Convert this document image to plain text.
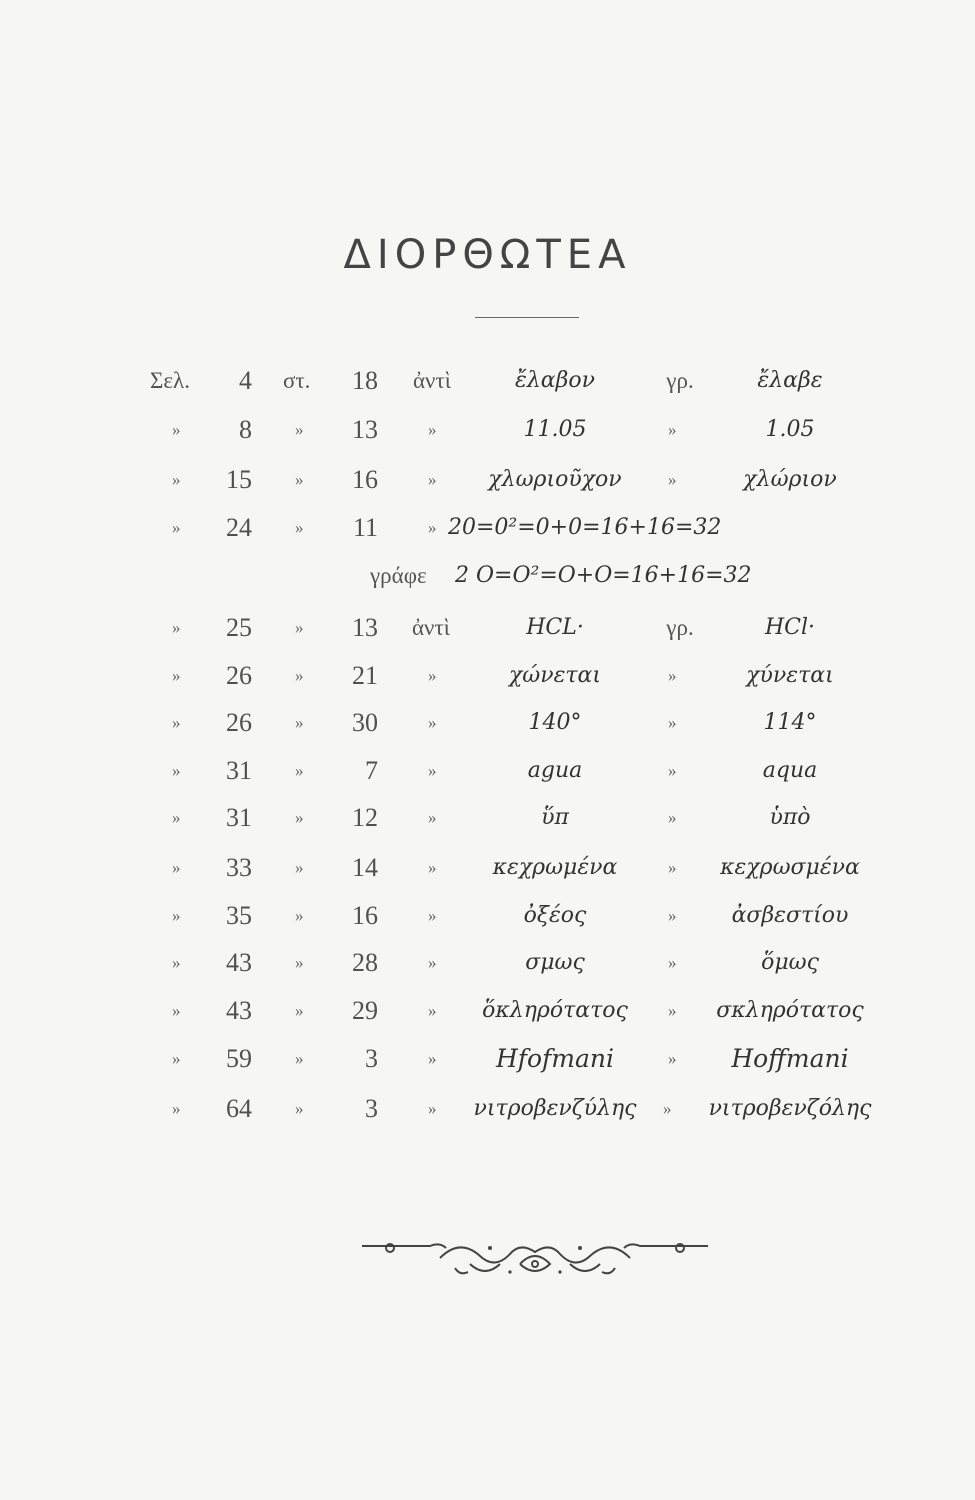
ΔΙΟΡΘΩΤΕΑ
Σελ.	4 στ.	18 ἀντὶ	ἔλαβον	γρ.	ἔλαβε
»	8	»	13	»	11.05	»	1.05
»	15	»	16	»	χλωριοῦχον	»	χλώριον
»	24	»	11	» 20=0²=0+0=16+16=32
γράφε 2 O=O²=O+O=16+16=32
»	25	»	13 ἀντὶ	HCL·	γρ.	HCl·
»	26	»	21	»	χώνεται	»	χύνεται
»	26	»	30	»	140°	»	114°
»	31	»	7	»	agua	»	aqua
»	31	»	12	»	ὕπ	»	ὑπὸ
»	33	»	14	»	κεχρωμένα	»	κεχρωσμένα
»	35	»	16	»	ὀξέος	»	ἀσβεστίου
»	43	»	28	»	σμως	»	ὅμως
»	43	»	29	»	ὅκληρότατος	»	σκληρότατος
»	59	»	3	»	Hfofmani	»	Hoffmani
»	64	»	3	»	νιτροβενζύλης	»	νιτροβενζόλης
